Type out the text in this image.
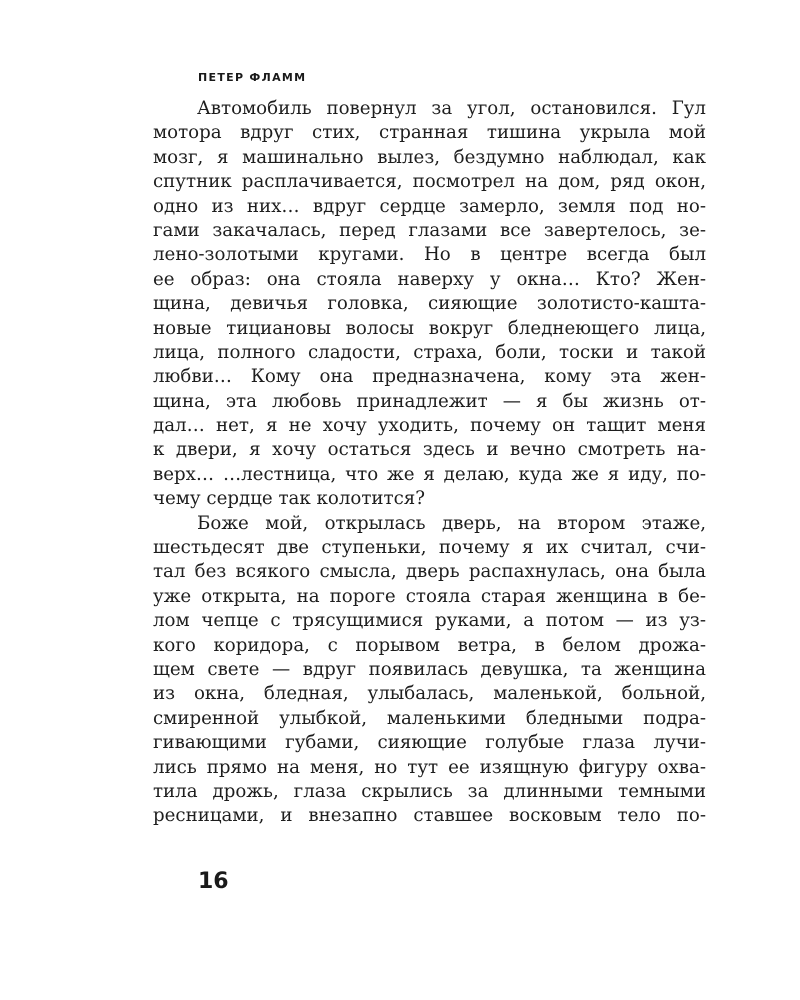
ПЕТЕР ФЛАММ
Автомобиль повернул за угол, остановился. Гул
мотора вдруг стих, странная тишина укрыла мой
мозг, я машинально вылез, бездумно наблюдал, как
спутник расплачивается, посмотрел на дом, ряд окон,
одно из них… вдруг сердце замерло, земля под но-
гами закачалась, перед глазами все завертелось, зе-
лено-золотыми кругами. Но в центре всегда был
ее образ: она стояла наверху у окна… Кто? Жен-
щина, девичья головка, сияющие золотисто-кашта-
новые тициановы волосы вокруг бледнеющего лица,
лица, полного сладости, страха, боли, тоски и такой
любви… Кому она предназначена, кому эта жен-
щина, эта любовь принадлежит — я бы жизнь от-
дал… нет, я не хочу уходить, почему он тащит меня
к двери, я хочу остаться здесь и вечно смотреть на-
верх… …лестница, что же я делаю, куда же я иду, по-
чему сердце так колотится?
Боже мой, открылась дверь, на втором этаже,
шестьдесят две ступеньки, почему я их считал, счи-
тал без всякого смысла, дверь распахнулась, она была
уже открыта, на пороге стояла старая женщина в бе-
лом чепце с трясущимися руками, а потом — из уз-
кого коридора, с порывом ветра, в белом дрожа-
щем свете — вдруг появилась девушка, та женщина
из окна, бледная, улыбалась, маленькой, больной,
смиренной улыбкой, маленькими бледными подра-
гивающими губами, сияющие голубые глаза лучи-
лись прямо на меня, но тут ее изящную фигуру охва-
тила дрожь, глаза скрылись за длинными темными
ресницами, и внезапно ставшее восковым тело по-
16
